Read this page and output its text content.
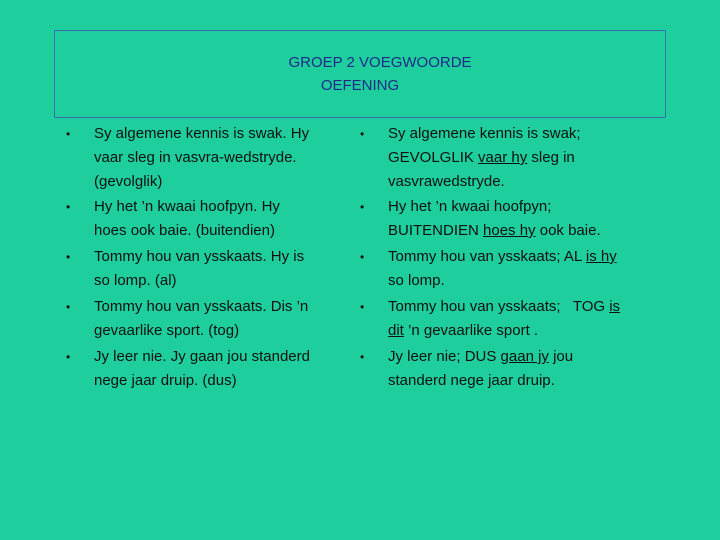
GROEP 2 VOEGWOORDE
OEFENING
•	Sy algemene kennis is swak. Hy
vaar sleg in vasvra-wedstryde.
(gevolglik)
•	Hy het ’n kwaai hoofpyn. Hy
hoes ook baie. (buitendien)
•	Tommy hou van ysskaats. Hy is
so lomp. (al)
•	Tommy hou van ysskaats. Dis ’n
gevaarlike sport. (tog)
•	Jy leer nie. Jy gaan jou standerd
nege jaar druip. (dus)
•	Sy algemene kennis is swak;
GEVOLGLIK vaar hy sleg in
vasvrawedstryde.
•	Hy het ’n kwaai hoofpyn;
BUITENDIEN hoes hy ook baie.
•	Tommy hou van ysskaats; AL is hy
so lomp.
•	Tommy hou van ysskaats;   TOG is
dit ’n gevaarlike sport .
•	Jy leer nie; DUS gaan jy jou
standerd nege jaar druip.
